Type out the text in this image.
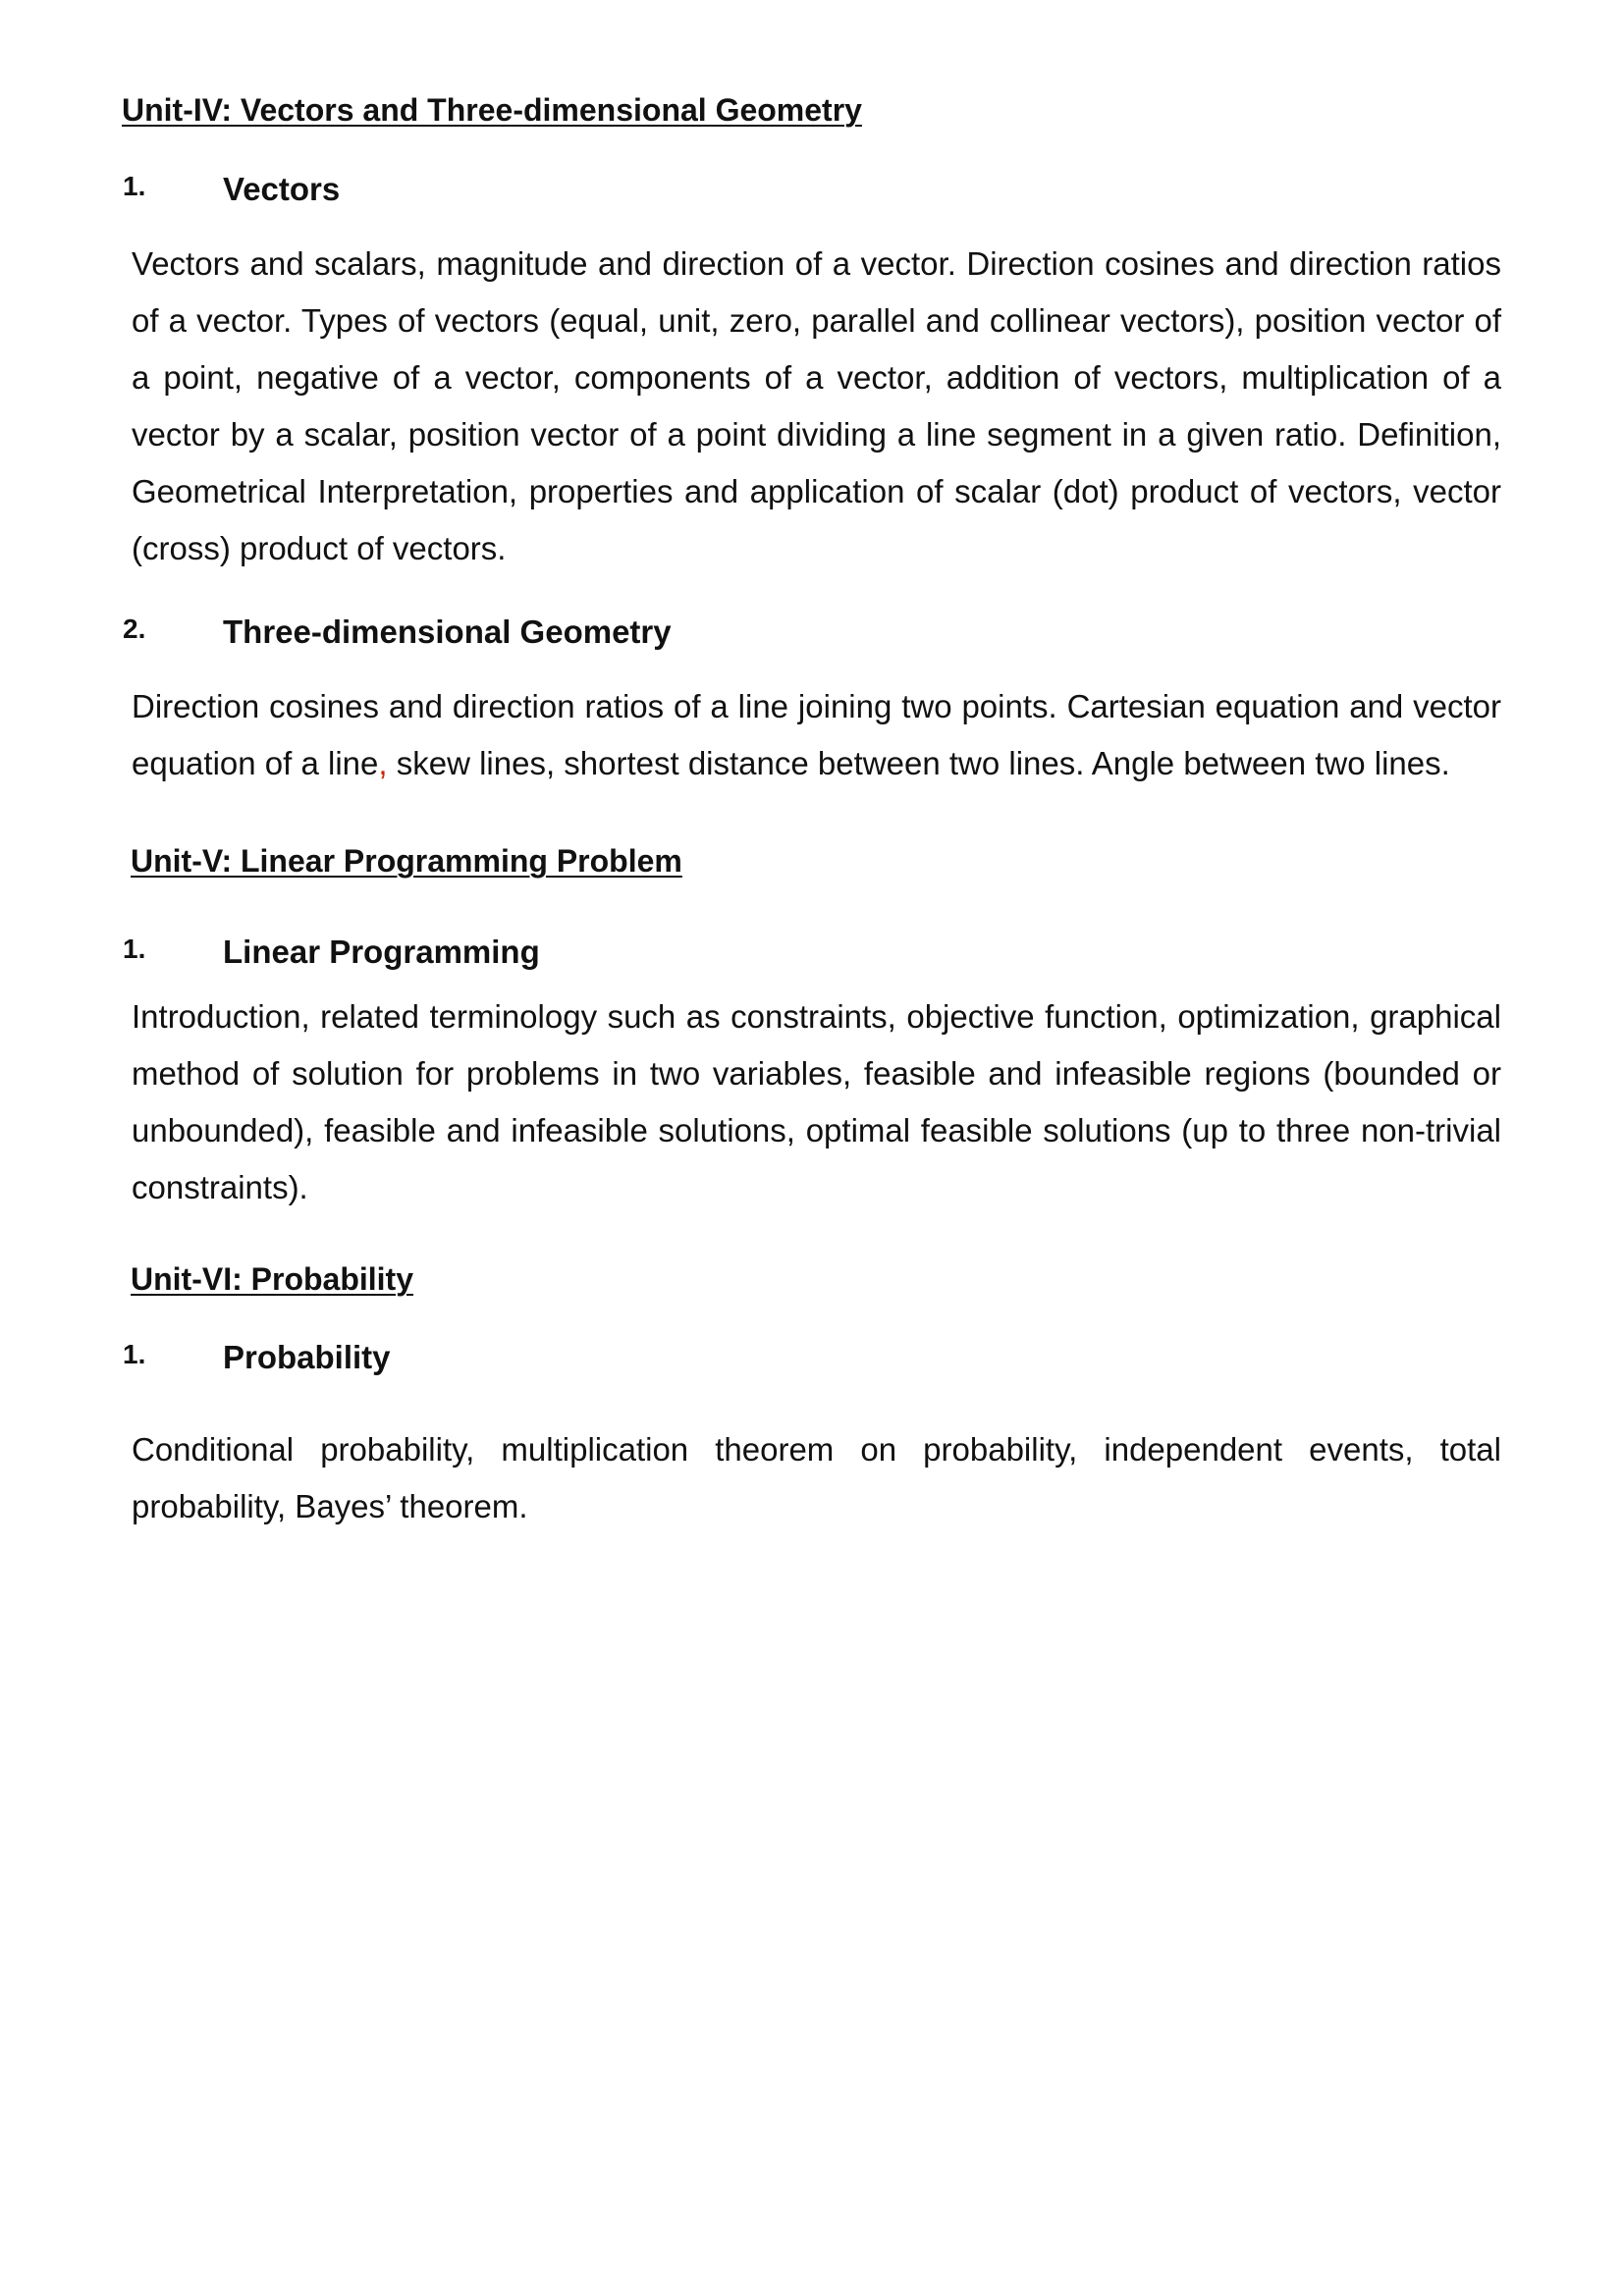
Unit-IV: Vectors and Three-dimensional Geometry
1. Vectors

Vectors and scalars, magnitude and direction of a vector. Direction cosines and direction ratios of a vector. Types of vectors (equal, unit, zero, parallel and collinear vectors), position vector of a point, negative of a vector, components of a vector, addition of vectors, multiplication of a vector by a scalar, position vector of a point dividing a line segment in a given ratio. Definition, Geometrical Interpretation, properties and application of scalar (dot) product of vectors, vector (cross) product of vectors.

2. Three-dimensional Geometry

Direction cosines and direction ratios of a line joining two points. Cartesian equation and vector equation of a line, skew lines, shortest distance between two lines. Angle between two lines.

Unit-V: Linear Programming Problem
1. Linear Programming

Introduction, related terminology such as constraints, objective function, optimization, graphical method of solution for problems in two variables, feasible and infeasible regions (bounded or unbounded), feasible and infeasible solutions, optimal feasible solutions (up to three non-trivial constraints).

Unit-VI: Probability
1. Probability

Conditional probability, multiplication theorem on probability, independent events, total probability, Bayes’ theorem.
